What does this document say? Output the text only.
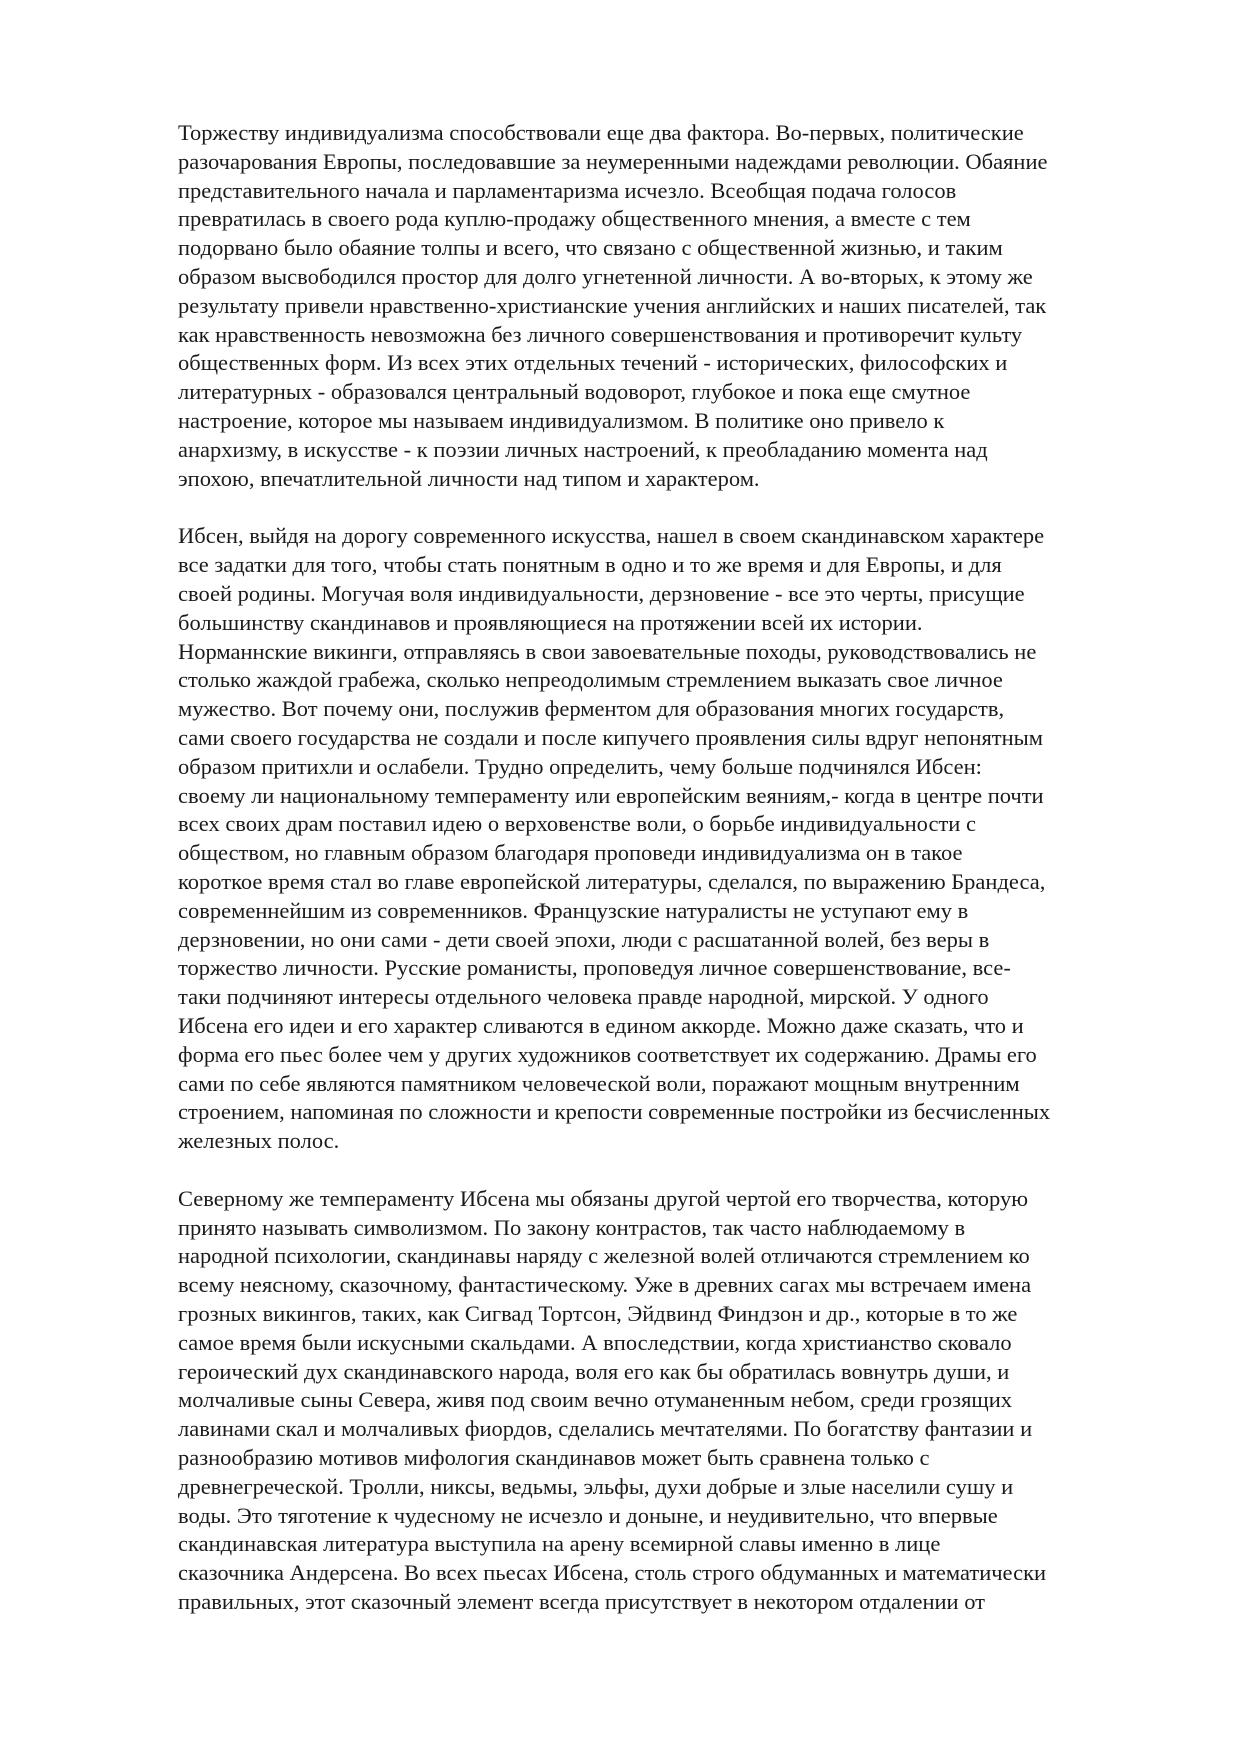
Торжеству индивидуализма способствовали еще два фактора. Во-первых, политические
разочарования Европы, последовавшие за неумеренными надеждами революции. Обаяние
представительного начала и парламентаризма исчезло. Всеобщая подача голосов
превратилась в своего рода куплю-продажу общественного мнения, а вместе с тем
подорвано было обаяние толпы и всего, что связано с общественной жизнью, и таким
образом высвободился простор для долго угнетенной личности. А во-вторых, к этому же
результату привели нравственно-христианские учения английских и наших писателей, так
как нравственность невозможна без личного совершенствования и противоречит культу
общественных форм. Из всех этих отдельных течений - исторических, философских и
литературных - образовался центральный водоворот, глубокое и пока еще смутное
настроение, которое мы называем индивидуализмом. В политике оно привело к
анархизму, в искусстве - к поэзии личных настроений, к преобладанию момента над
эпохою, впечатлительной личности над типом и характером.
Ибсен, выйдя на дорогу современного искусства, нашел в своем скандинавском характере
все задатки для того, чтобы стать понятным в одно и то же время и для Европы, и для
своей родины. Могучая воля индивидуальности, дерзновение - все это черты, присущие
большинству скандинавов и проявляющиеся на протяжении всей их истории.
Норманнские викинги, отправляясь в свои завоевательные походы, руководствовались не
столько жаждой грабежа, сколько непреодолимым стремлением выказать свое личное
мужество. Вот почему они, послужив ферментом для образования многих государств,
сами своего государства не создали и после кипучего проявления силы вдруг непонятным
образом притихли и ослабели. Трудно определить, чему больше подчинялся Ибсен:
своему ли национальному темпераменту или европейским веяниям,- когда в центре почти
всех своих драм поставил идею о верховенстве воли, о борьбе индивидуальности с
обществом, но главным образом благодаря проповеди индивидуализма он в такое
короткое время стал во главе европейской литературы, сделался, по выражению Брандеса,
современнейшим из современников. Французские натуралисты не уступают ему в
дерзновении, но они сами - дети своей эпохи, люди с расшатанной волей, без веры в
торжество личности. Русские романисты, проповедуя личное совершенствование, все-
таки подчиняют интересы отдельного человека правде народной, мирской. У одного
Ибсена его идеи и его характер сливаются в едином аккорде. Можно даже сказать, что и
форма его пьес более чем у других художников соответствует их содержанию. Драмы его
сами по себе являются памятником человеческой воли, поражают мощным внутренним
строением, напоминая по сложности и крепости современные постройки из бесчисленных
железных полос.
Северному же темпераменту Ибсена мы обязаны другой чертой его творчества, которую
принято называть символизмом. По закону контрастов, так часто наблюдаемому в
народной психологии, скандинавы наряду с железной волей отличаются стремлением ко
всему неясному, сказочному, фантастическому. Уже в древних сагах мы встречаем имена
грозных викингов, таких, как Сигвад Тортсон, Эйдвинд Финдзон и др., которые в то же
самое время были искусными скальдами. А впоследствии, когда христианство сковало
героический дух скандинавского народа, воля его как бы обратилась вовнутрь души, и
молчаливые сыны Севера, живя под своим вечно отуманенным небом, среди грозящих
лавинами скал и молчаливых фиордов, сделались мечтателями. По богатству фантазии и
разнообразию мотивов мифология скандинавов может быть сравнена только с
древнегреческой. Тролли, никсы, ведьмы, эльфы, духи добрые и злые населили сушу и
воды. Это тяготение к чудесному не исчезло и доныне, и неудивительно, что впервые
скандинавская литература выступила на арену всемирной славы именно в лице
сказочника Андерсена. Во всех пьесах Ибсена, столь строго обдуманных и математически
правильных, этот сказочный элемент всегда присутствует в некотором отдалении от
